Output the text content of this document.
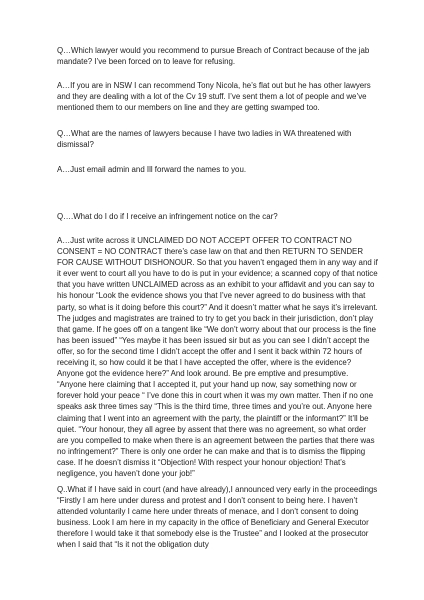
Q…Which lawyer would you recommend to pursue Breach of Contract because of the jab mandate? I’ve been forced on to leave for refusing.

A…If you are in NSW I can recommend Tony Nicola, he’s flat out but he has other lawyers and they are dealing with a lot of the Cv 19 stuff. I’ve sent them a lot of people and we’ve mentioned them to our members on line and they are getting swamped too.

Q…What are the names of lawyers because I have two ladies in WA threatened with dismissal?

A…Just email admin and Ill forward the names to you.

Q….What do I do if I receive an infringement notice on the car?

A…Just write across it UNCLAIMED DO NOT ACCEPT OFFER TO CONTRACT NO CONSENT = NO CONTRACT there’s case law on that and then RETURN TO SENDER FOR CAUSE WITHOUT DISHONOUR. So that you haven’t engaged them in any way and if it ever went to court all you have to do is put in your evidence; a scanned copy of that notice that you have written UNCLAIMED across as an exhibit to your affidavit and you can say to his honour “Look the evidence shows you that I’ve never agreed to do business with that party, so what is it doing before this court?” And it doesn’t matter what he says it’s irrelevant. The judges and magistrates are trained to try to get you back in their jurisdiction, don’t play that game. If he goes off on a tangent like “We don’t worry about that our process is the fine has been issued” “Yes maybe it has been issued sir but as you can see I didn’t accept the offer, so for the second time I didn’t accept the offer and I sent it back within 72 hours of receiving it, so how could it be that I have accepted the offer, where is the evidence? Anyone got the evidence here?” And look around. Be pre emptive and presumptive. “Anyone here claiming that I accepted it, put your hand up now, say something now or forever hold your peace “ I’ve done this in court when it was my own matter. Then if no one speaks ask three times say “This is the third time, three times and you’re out. Anyone here claiming that I went into an agreement with the party, the plaintiff or the informant?” It’ll be quiet. “Your honour, they all agree by assent that there was no agreement, so what order are you compelled to make when there is an agreement between the parties that there was no infringement?” There is only one order he can make and that is to dismiss the flipping case. If he doesn’t dismiss it “Objection! With respect your honour objection! That’s negligence, you haven’t done your job!”

Q..What if I have said in court (and have already),I announced very early in the proceedings “Firstly I am here under duress and protest and I don’t consent to being here. I haven’t attended voluntarily I came here under threats of menace, and I don’t consent to doing business. Look I am here in my capacity in the office of Beneficiary and General Executor therefore I would take it that somebody else is the Trustee” and I looked at the prosecutor when I said that “Is it not the obligation duty
